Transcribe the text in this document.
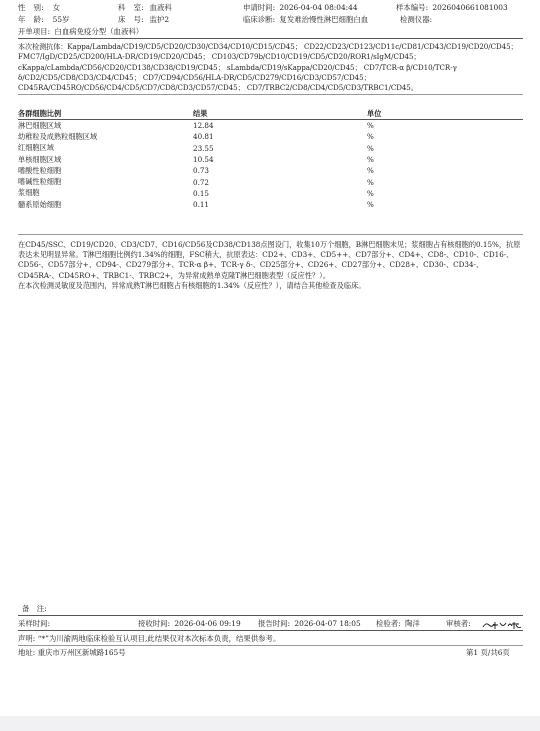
性　别: 女	科　室: 血液科	申请时间: 2026-04-04 08:04:44	样本编号: 2026040661081003
年　龄: 55岁	床　号: 监护2	临床诊断: 复发难治慢性淋巴细胞白血	检测仪器:
开单项目: 白血病免疫分型（血液科）
本次检测抗体：Kappa/Lambda/CD19/CD5/CD20/CD30/CD34/CD10/CD15/CD45； CD22/CD23/CD123/CD11c/CD81/CD43/CD19/CD20/CD45； FMC7/IgD/CD25/CD200/HLA-DR/CD19/CD20/CD45； CD103/CD79b/CD10/CD19/CD5/CD20/ROR1/sIgM/CD45； cKappa/cLambda/CD56/CD20/CD138/CD38/CD19/CD45； sLambda/CD19/sKappa/CD20/CD45； CD7/TCR-α β/CD10/TCR-γ δ/CD2/CD5/CD8/CD3/CD4/CD45； CD7/CD94/CD56/HLA-DR/CD5/CD279/CD16/CD3/CD57/CD45； CD45RA/CD45RO/CD56/CD4/CD5/CD7/CD8/CD3/CD57/CD45； CD7/TRBC2/CD8/CD4/CD5/CD3/TRBC1/CD45。
各群细胞比例	结果	单位
淋巴细胞区域	12.84	%
幼稚粒及成熟粒细胞区域	40.81	%
红细胞区域	23.55	%
单核细胞区域	10.54	%
嗜酸性粒细胞	0.73	%
嗜碱性粒细胞	0.72	%
浆细胞	0.15	%
髓系原始细胞	0.11	%
在CD45/SSC、CD19/CD20、CD3/CD7、CD16/CD56及CD38/CD138点图设门，收集10万个细胞，B淋巴细胞未见；浆细胞占有核细胞的0.15%，抗原表达未见明显异常。T淋巴细胞比例约1.34%的细胞，FSC稍大，抗原表达：CD2+、CD3+、CD5++、CD7部分+、CD4+、CD8-、CD10-、CD16-、CD56-、CD57部分+、CD94-、CD279部分+、TCR-α β+、TCR-γ δ-、CD25部分+、CD26+、CD27部分+、CD28+、CD30-、CD34-、CD45RA-、CD45RO+、TRBC1-、TRBC2+，为异常成熟单克隆T淋巴细胞表型（反应性？）。
在本次检测灵敏度及范围内，异常成熟T淋巴细胞占有核细胞的1.34%（反应性？），请结合其他检查及临床。
备　注:
采样时间:	接收时间: 2026-04-06 09:19 报告时间: 2026-04-07 18:05 检验者: 陶洋	审核者:
声明: “*”为川渝两地临床检验互认项目,此结果仅对本次标本负责，结果供参考。
地址: 重庆市万州区新城路165号	第1 页/共6页
